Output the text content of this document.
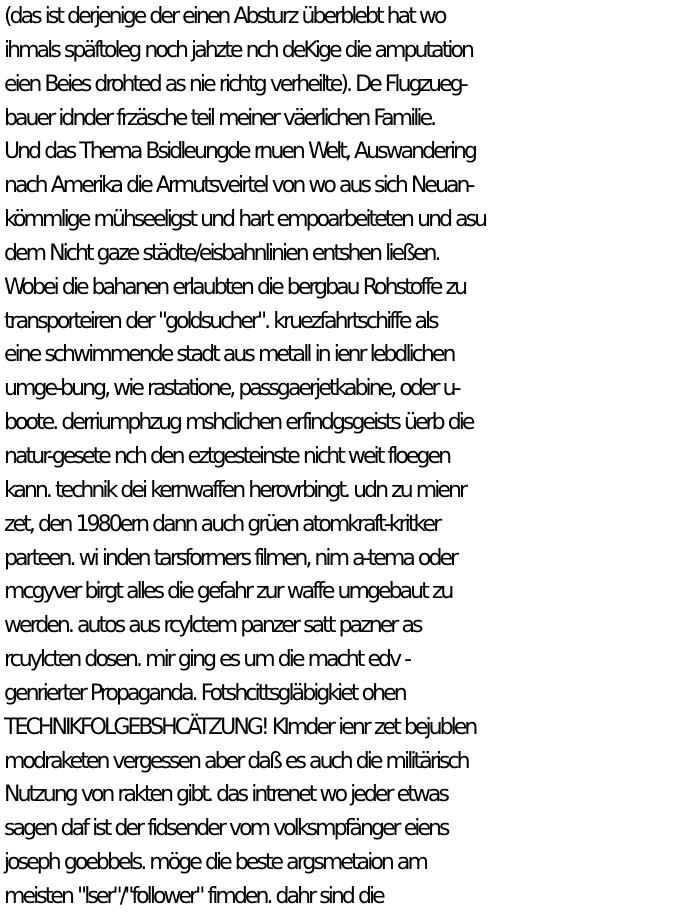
(das ist derjenige der einen Absturz überblebt hat wo
ihmals späftoleg noch jahzte nch deKige die amputation
eien Beies drohted as nie richtg verheilte). De Flugzueg-
bauer idnder frzäsche teil meiner väerlichen Familie.
Und das Thema Bsidleungde rnuen Welt, Auswandering
nach Amerika die Armutsveirtel von wo aus sich Neuan-
kömmlige mühseeligst und hart empoarbeiteten und asu
dem Nicht gaze städte/eisbahnlinien entshen ließen.
Wobei die bahanen erlaubten die bergbau Rohstoffe zu
transporteiren der "goldsucher". kruezfahrtschiffe als
eine schwimmende stadt aus metall in ienr lebdlichen
umge-bung, wie rastatione, passgaerjetkabine, oder u-
boote. derriumphzug mshclichen erfindgsgeists üerb die
natur-gesete nch den eztgesteinste nicht weit floegen
kann. technik dei kernwaffen herovrbingt. udn zu mienr
zet, den 1980ern dann auch grüen atomkraft-kritker
parteen. wi inden tarsformers filmen, nim a-tema oder
mcgyver birgt alles die gefahr zur waffe umgebaut zu
werden. autos aus rcylctem panzer satt pazner as
rcuylcten dosen. mir ging es um die macht edv -
genrierter Propaganda. Fotshcittsgläbigkiet ohen
TECHNIKFOLGEBSHCÄTZUNG! KImder ienr zet bejublen
modraketen vergessen aber daß es auch die militärisch
Nutzung von rakten gibt. das intrenet wo jeder etwas
sagen daf ist der fidsender vom volksmpfänger eiens
joseph goebbels. möge die beste argsmetaion am
meisten "lser"/"follower" fimden. dahr sind die
